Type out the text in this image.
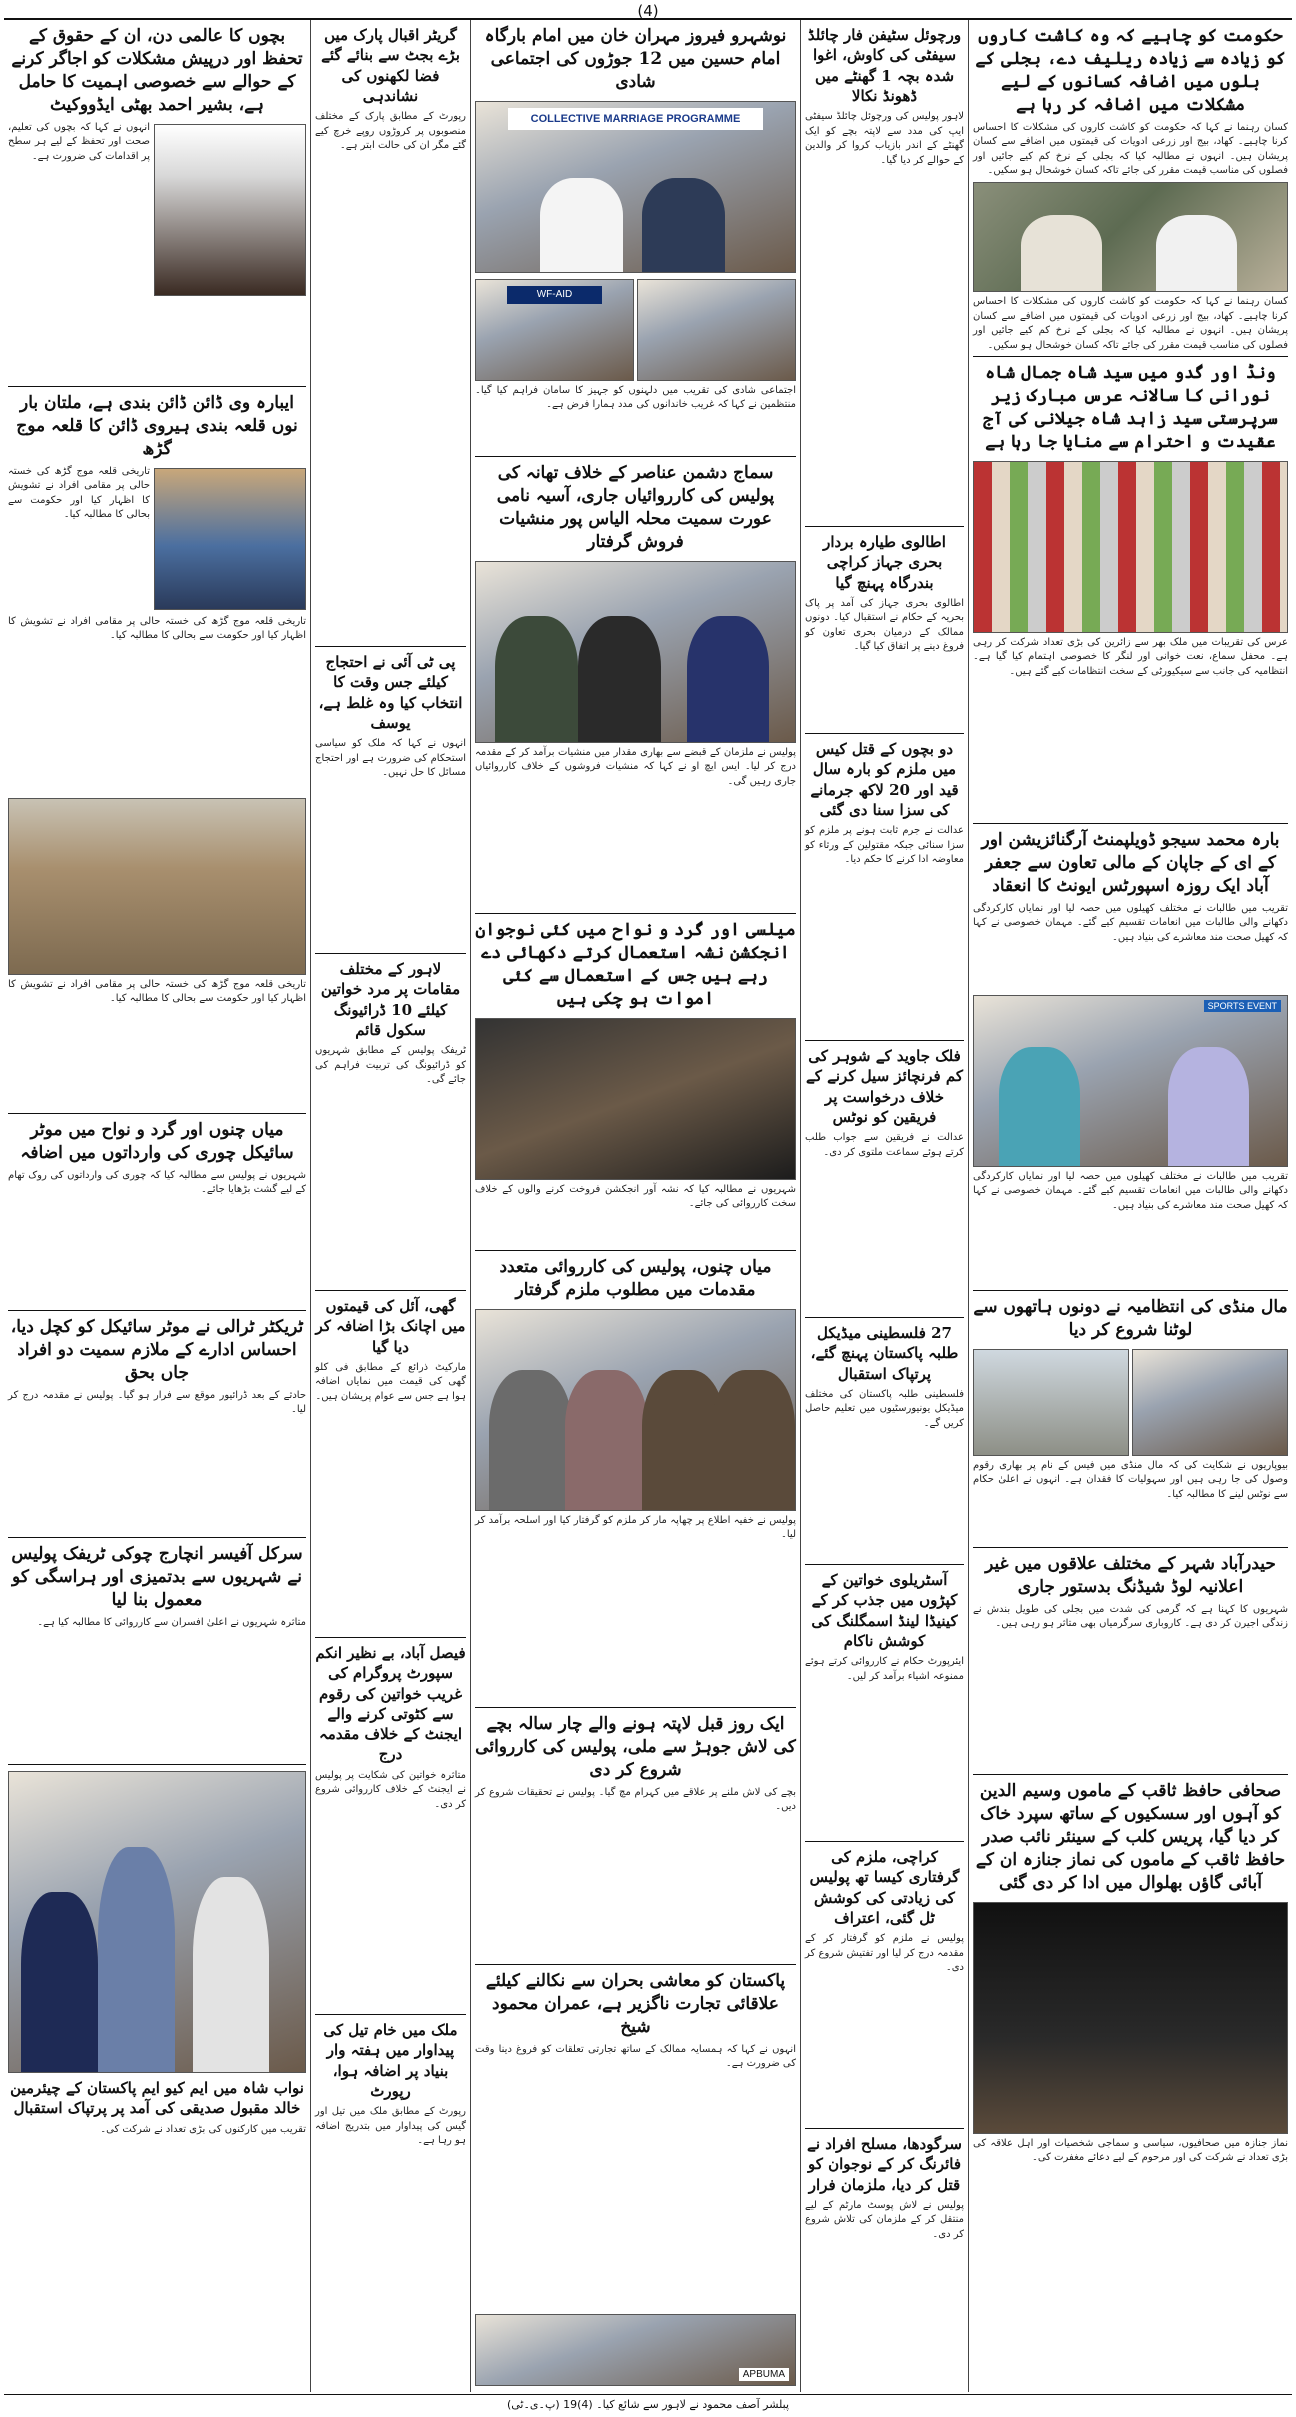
(4)
حکومت کو چاہیے کہ وہ کاشت کاروں کو زیادہ سے زیادہ ریلیف دے، بجلی کے بلوں میں اضافہ کسانوں کے لیے مشکلات میں اضافہ کر رہا ہے
کسان رہنما نے کہا کہ حکومت کو کاشت کاروں کی مشکلات کا احساس کرنا چاہیے۔ کھاد، بیج اور زرعی ادویات کی قیمتوں میں اضافے سے کسان پریشان ہیں۔ انہوں نے مطالبہ کیا کہ بجلی کے نرخ کم کیے جائیں اور فصلوں کی مناسب قیمت مقرر کی جائے تاکہ کسان خوشحال ہو سکیں۔
کسان رہنما نے کہا کہ حکومت کو کاشت کاروں کی مشکلات کا احساس کرنا چاہیے۔ کھاد، بیج اور زرعی ادویات کی قیمتوں میں اضافے سے کسان پریشان ہیں۔ انہوں نے مطالبہ کیا کہ بجلی کے نرخ کم کیے جائیں اور فصلوں کی مناسب قیمت مقرر کی جائے تاکہ کسان خوشحال ہو سکیں۔
ونڈ اور گدو میں سید شاہ جمال شاہ نورانی کا سالانہ عرس مبارک زیر سرپرستی سید زاہد شاہ جیلانی کی آج عقیدت و احترام سے منایا جا رہا ہے
عرس کی تقریبات میں ملک بھر سے زائرین کی بڑی تعداد شرکت کر رہی ہے۔ محفل سماع، نعت خوانی اور لنگر کا خصوصی اہتمام کیا گیا ہے۔ انتظامیہ کی جانب سے سیکیورٹی کے سخت انتظامات کیے گئے ہیں۔
بارہ محمد سیجو ڈویلپمنٹ آرگنائزیشن اور کے ای کے جاپان کے مالی تعاون سے جعفر آباد ایک روزہ اسپورٹس ایونٹ کا انعقاد
تقریب میں طالبات نے مختلف کھیلوں میں حصہ لیا اور نمایاں کارکردگی دکھانے والی طالبات میں انعامات تقسیم کیے گئے۔ مہمان خصوصی نے کہا کہ کھیل صحت مند معاشرے کی بنیاد ہیں۔
SPORTS EVENT
تقریب میں طالبات نے مختلف کھیلوں میں حصہ لیا اور نمایاں کارکردگی دکھانے والی طالبات میں انعامات تقسیم کیے گئے۔ مہمان خصوصی نے کہا کہ کھیل صحت مند معاشرے کی بنیاد ہیں۔
مال منڈی کی انتظامیہ نے دونوں ہاتھوں سے لوٹنا شروع کر دیا
بیوپاریوں نے شکایت کی کہ مال منڈی میں فیس کے نام پر بھاری رقوم وصول کی جا رہی ہیں اور سہولیات کا فقدان ہے۔ انہوں نے اعلیٰ حکام سے نوٹس لینے کا مطالبہ کیا۔
حیدرآباد شہر کے مختلف علاقوں میں غیر اعلانیہ لوڈ شیڈنگ بدستور جاری
شہریوں کا کہنا ہے کہ گرمی کی شدت میں بجلی کی طویل بندش نے زندگی اجیرن کر دی ہے۔ کاروباری سرگرمیاں بھی متاثر ہو رہی ہیں۔
صحافی حافظ ثاقب کے ماموں وسیم الدین کو آہوں اور سسکیوں کے ساتھ سپرد خاک کر دیا گیا، پریس کلب کے سینئر نائب صدر حافظ ثاقب کے ماموں کی نماز جنازہ ان کے آبائی گاؤں بھلوال میں ادا کر دی گئی
نماز جنازہ میں صحافیوں، سیاسی و سماجی شخصیات اور اہل علاقہ کی بڑی تعداد نے شرکت کی اور مرحوم کے لیے دعائے مغفرت کی۔
ورچوئل سٹیفن فار چائلڈ سیفٹی کی کاوش، اغوا شدہ بچہ 1 گھنٹے میں ڈھونڈ نکالا
لاہور پولیس کی ورچوئل چائلڈ سیفٹی ایپ کی مدد سے لاپتہ بچے کو ایک گھنٹے کے اندر بازیاب کروا کر والدین کے حوالے کر دیا گیا۔
اطالوی طیارہ بردار بحری جہاز کراچی بندرگاہ پہنچ گیا
اطالوی بحری جہاز کی آمد پر پاک بحریہ کے حکام نے استقبال کیا۔ دونوں ممالک کے درمیان بحری تعاون کو فروغ دینے پر اتفاق کیا گیا۔
دو بچوں کے قتل کیس میں ملزم کو بارہ سال قید اور 20 لاکھ جرمانے کی سزا سنا دی گئی
عدالت نے جرم ثابت ہونے پر ملزم کو سزا سنائی جبکہ مقتولین کے ورثاء کو معاوضہ ادا کرنے کا حکم دیا۔
فلک جاوید کے شوہر کی کم فرنچائز سیل کرنے کے خلاف درخواست پر فریقین کو نوٹس
عدالت نے فریقین سے جواب طلب کرتے ہوئے سماعت ملتوی کر دی۔
27 فلسطینی میڈیکل طلبہ پاکستان پہنچ گئے، پرتپاک استقبال
فلسطینی طلبہ پاکستان کی مختلف میڈیکل یونیورسٹیوں میں تعلیم حاصل کریں گے۔
آسٹریلوی خواتین کے کپڑوں میں جذب کر کے کینیڈا لینڈ اسمگلنگ کی کوشش ناکام
ایئرپورٹ حکام نے کارروائی کرتے ہوئے ممنوعہ اشیاء برآمد کر لیں۔
کراچی، ملزم کی گرفتاری کیسا تھ پولیس کی زیادتی کی کوشش ٹل گئی، اعتراف
پولیس نے ملزم کو گرفتار کر کے مقدمہ درج کر لیا اور تفتیش شروع کر دی۔
سرگودھا، مسلح افراد نے فائرنگ کر کے نوجوان کو قتل کر دیا، ملزمان فرار
پولیس نے لاش پوسٹ مارٹم کے لیے منتقل کر کے ملزمان کی تلاش شروع کر دی۔
نوشہرو فیروز مہران خان میں امام بارگاہ امام حسین میں 12 جوڑوں کی اجتماعی شادی
COLLECTIVE MARRIAGE PROGRAMME
WF-AID
اجتماعی شادی کی تقریب میں دلہنوں کو جہیز کا سامان فراہم کیا گیا۔ منتظمین نے کہا کہ غریب خاندانوں کی مدد ہمارا فرض ہے۔
سماج دشمن عناصر کے خلاف تھانہ کی پولیس کی کارروائیاں جاری، آسیہ نامی عورت سمیت محلہ الیاس پور منشیات فروش گرفتار
پولیس نے ملزمان کے قبضے سے بھاری مقدار میں منشیات برآمد کر کے مقدمہ درج کر لیا۔ ایس ایچ او نے کہا کہ منشیات فروشوں کے خلاف کارروائیاں جاری رہیں گی۔
میلسی اور گرد و نواح میں کئی نوجوان انجکشن نشہ استعمال کرتے دکھائی دے رہے ہیں جس کے استعمال سے کئی اموات ہو چکی ہیں
شہریوں نے مطالبہ کیا کہ نشہ آور انجکشن فروخت کرنے والوں کے خلاف سخت کارروائی کی جائے۔
میاں چنوں، پولیس کی کارروائی متعدد مقدمات میں مطلوب ملزم گرفتار
پولیس نے خفیہ اطلاع پر چھاپہ مار کر ملزم کو گرفتار کیا اور اسلحہ برآمد کر لیا۔
ایک روز قبل لاپتہ ہونے والے چار سالہ بچے کی لاش جوہڑ سے ملی، پولیس کی کارروائی شروع کر دی
بچے کی لاش ملنے پر علاقے میں کہرام مچ گیا۔ پولیس نے تحقیقات شروع کر دیں۔
پاکستان کو معاشی بحران سے نکالنے کیلئے علاقائی تجارت ناگزیر ہے، عمران محمود شیخ
انہوں نے کہا کہ ہمسایہ ممالک کے ساتھ تجارتی تعلقات کو فروغ دینا وقت کی ضرورت ہے۔
APBUMA
گریٹر اقبال پارک میں بڑے بجٹ سے بنائے گئے فضا لکھنوں کی نشاندہی
رپورٹ کے مطابق پارک کے مختلف منصوبوں پر کروڑوں روپے خرچ کیے گئے مگر ان کی حالت ابتر ہے۔
پی ٹی آئی نے احتجاج کیلئے جس وقت کا انتخاب کیا وہ غلط ہے، یوسف
انہوں نے کہا کہ ملک کو سیاسی استحکام کی ضرورت ہے اور احتجاج مسائل کا حل نہیں۔
لاہور کے مختلف مقامات پر مرد خواتین کیلئے 10 ڈرائیونگ سکول قائم
ٹریفک پولیس کے مطابق شہریوں کو ڈرائیونگ کی تربیت فراہم کی جائے گی۔
گھی، آئل کی قیمتوں میں اچانک بڑا اضافہ کر دیا گیا
مارکیٹ ذرائع کے مطابق فی کلو گھی کی قیمت میں نمایاں اضافہ ہوا ہے جس سے عوام پریشان ہیں۔
فیصل آباد، بے نظیر انکم سپورٹ پروگرام کی غریب خواتین کی رقوم سے کٹوتی کرنے والے ایجنٹ کے خلاف مقدمہ درج
متاثرہ خواتین کی شکایت پر پولیس نے ایجنٹ کے خلاف کارروائی شروع کر دی۔
ملک میں خام تیل کی پیداوار میں ہفتہ وار بنیاد پر اضافہ ہوا، رپورٹ
رپورٹ کے مطابق ملک میں تیل اور گیس کی پیداوار میں بتدریج اضافہ ہو رہا ہے۔
بچوں کا عالمی دن، ان کے حقوق کے تحفظ اور درپیش مشکلات کو اجاگر کرنے کے حوالے سے خصوصی اہمیت کا حامل ہے، بشیر احمد بھٹی ایڈووکیٹ
انہوں نے کہا کہ بچوں کی تعلیم، صحت اور تحفظ کے لیے ہر سطح پر اقدامات کی ضرورت ہے۔
ایبارہ وی ڈائن ڈائن بندی ہے، ملتان بار نوں قلعہ بندی ہیروی ڈائن کا قلعہ موج گڑھ
تاریخی قلعہ موج گڑھ کی خستہ حالی پر مقامی افراد نے تشویش کا اظہار کیا اور حکومت سے بحالی کا مطالبہ کیا۔
تاریخی قلعہ موج گڑھ کی خستہ حالی پر مقامی افراد نے تشویش کا اظہار کیا اور حکومت سے بحالی کا مطالبہ کیا۔
تاریخی قلعہ موج گڑھ کی خستہ حالی پر مقامی افراد نے تشویش کا اظہار کیا اور حکومت سے بحالی کا مطالبہ کیا۔
میاں چنوں اور گرد و نواح میں موٹر سائیکل چوری کی وارداتوں میں اضافہ
شہریوں نے پولیس سے مطالبہ کیا کہ چوری کی وارداتوں کی روک تھام کے لیے گشت بڑھایا جائے۔
ٹریکٹر ٹرالی نے موٹر سائیکل کو کچل دیا، احساس ادارے کے ملازم سمیت دو افراد جاں بحق
حادثے کے بعد ڈرائیور موقع سے فرار ہو گیا۔ پولیس نے مقدمہ درج کر لیا۔
سرکل آفیسر انچارج چوکی ٹریفک پولیس نے شہریوں سے بدتمیزی اور ہراسگی کو معمول بنا لیا
متاثرہ شہریوں نے اعلیٰ افسران سے کارروائی کا مطالبہ کیا ہے۔
نواب شاہ میں ایم کیو ایم پاکستان کے چیئرمین خالد مقبول صدیقی کی آمد پر پرتپاک استقبال
تقریب میں کارکنوں کی بڑی تعداد نے شرکت کی۔
پبلشر آصف محمود نے لاہور سے شائع کیا۔ (4)19 (پ۔ی۔ٹی)
